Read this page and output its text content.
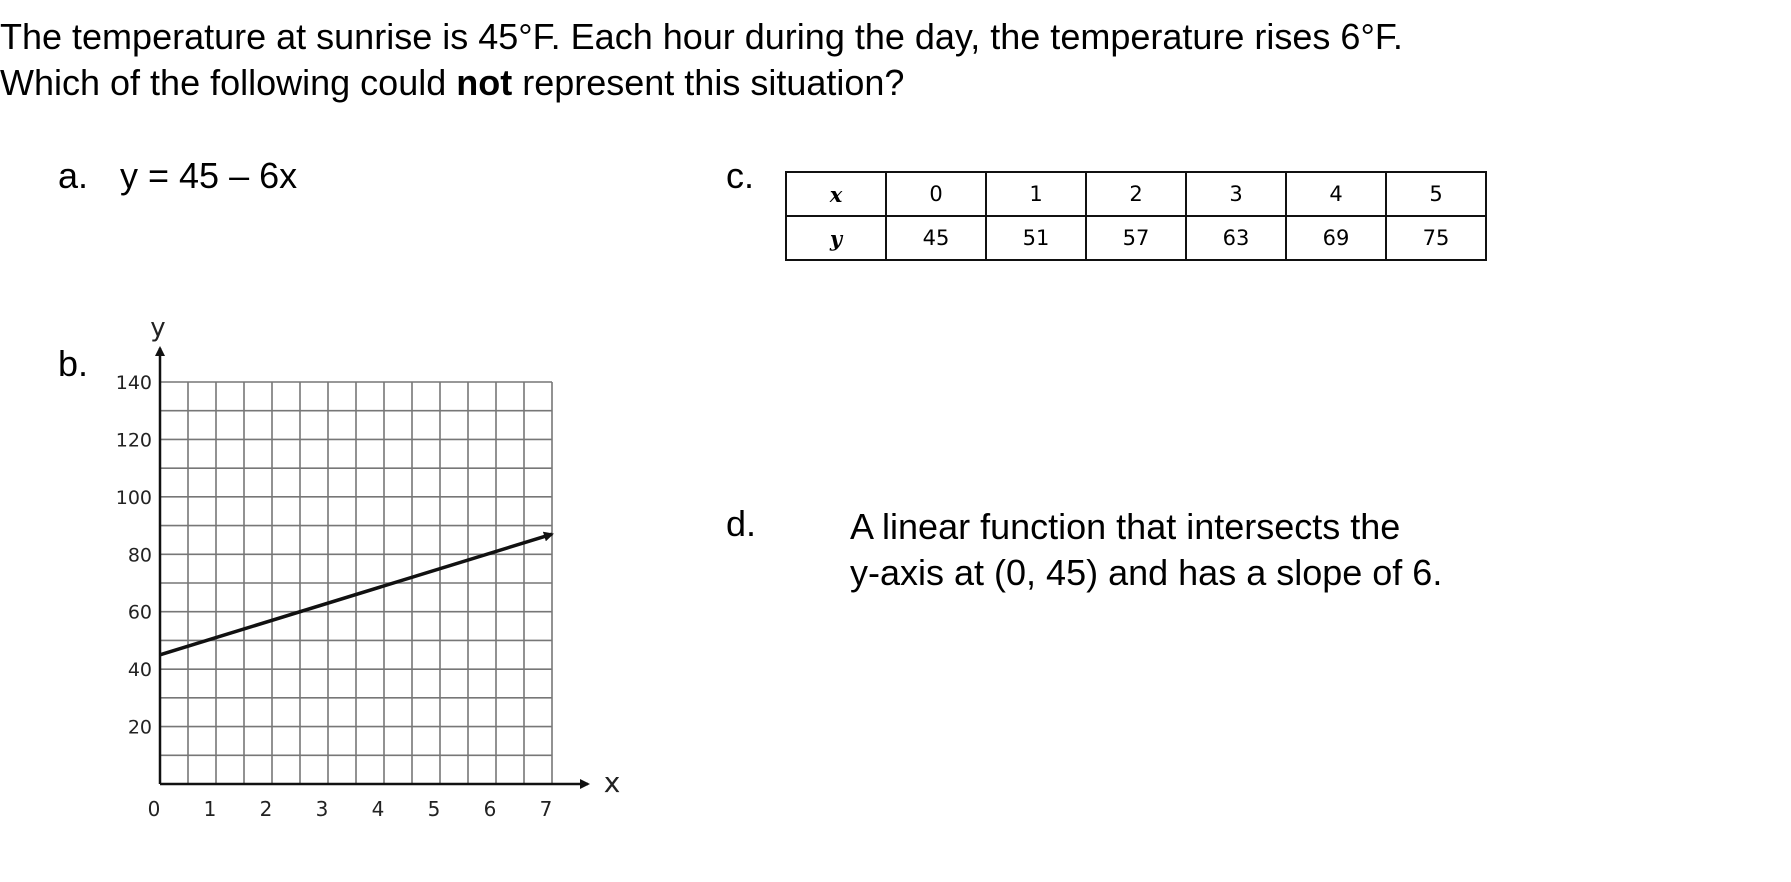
The temperature at sunrise is 45°F. Each hour during the day, the temperature rises 6°F.

Which of the following could not represent this situation?

a. y = 45 – 6x
b.
c.	x	0	1	2	3	4	5
y	45	51	57	63	69	75
d.	A linear function that intersects the

y-axis at (0, 45) and has a slope of 6.

y
x
0 1 2 3 4 5 6 7
20
40
60
80
100
120
140
